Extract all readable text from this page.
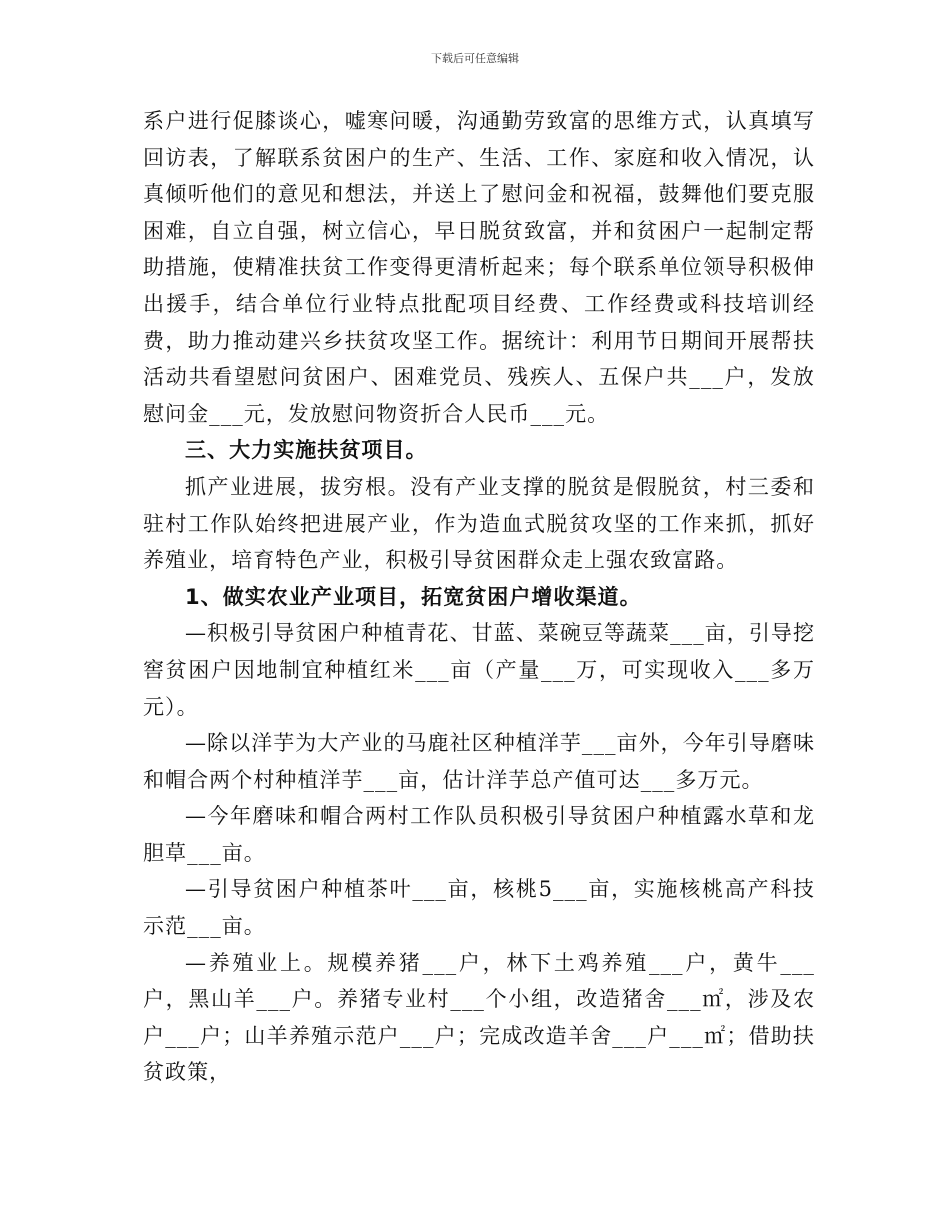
下载后可任意编辑

系户进行促膝谈心，嘘寒问暖，沟通勤劳致富的思维方式，认真填写回访表，了解联系贫困户的生产、生活、工作、家庭和收入情况，认真倾听他们的意见和想法，并送上了慰问金和祝福，鼓舞他们要克服困难，自立自强，树立信心，早日脱贫致富，并和贫困户一起制定帮助措施，使精准扶贫工作变得更清析起来；每个联系单位领导积极伸出援手，结合单位行业特点批配项目经费、工作经费或科技培训经费，助力推动建兴乡扶贫攻坚工作。据统计：利用节日期间开展帮扶活动共看望慰问贫困户、困难党员、残疾人、五保户共___户，发放慰问金___元，发放慰问物资折合人民币___元。

三、大力实施扶贫项目。

抓产业进展，拔穷根。没有产业支撑的脱贫是假脱贫，村三委和驻村工作队始终把进展产业，作为造血式脱贫攻坚的工作来抓，抓好养殖业，培育特色产业，积极引导贫困群众走上强农致富路。

1、做实农业产业项目，拓宽贫困户增收渠道。

—积极引导贫困户种植青花、甘蓝、菜碗豆等蔬菜___亩，引导挖窖贫困户因地制宜种植红米___亩（产量___万，可实现收入___多万元）。

—除以洋芋为大产业的马鹿社区种植洋芋___亩外，今年引导磨味和帽合两个村种植洋芋___亩，估计洋芋总产值可达___多万元。

—今年磨味和帽合两村工作队员积极引导贫困户种植露水草和龙胆草___亩。

—引导贫困户种植茶叶___亩，核桃5___亩，实施核桃高产科技示范___亩。

—养殖业上。规模养猪___户，林下土鸡养殖___户，黄牛___户，黑山羊___户。养猪专业村___个小组，改造猪舍___㎡，涉及农户___户；山羊养殖示范户___户；完成改造羊舍___户___㎡；借助扶贫政策，
